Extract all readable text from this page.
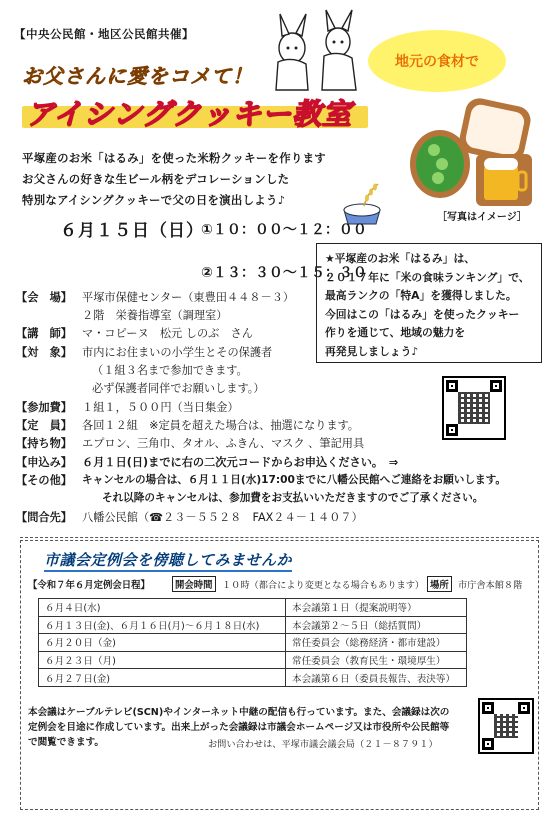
【中央公民館・地区公民館共催】
地元の食材で
お父さんに愛をコメて！
アイシングクッキー教室
平塚産のお米「はるみ」を使った米粉クッキーを作ります
お父さんの好きな生ビール柄をデコレーションした
特別なアイシングクッキーで父の日を演出しよう♪
［写真はイメージ］
６月１５日（日）
①１０：００～１２：００
②１３：３０～１５：３０
★平塚産のお米「はるみ」は、
２０１７年に「米の食味ランキング」で、
最高ランクの「特A」を獲得しました。
今回はこの「はるみ」を使ったクッキー
作りを通じて、地域の魅力を
再発見しましょう♪
【会　場】 平塚市保健センター（東豊田４４８－３）
２階　栄養指導室（調理室）
【講　師】 マ・コピーヌ　松元 しのぶ　さん
【対　象】 市内にお住まいの小学生とその保護者
（１組３名まで参加できます。
必ず保護者同伴でお願いします。）
【参加費】 １組１，５００円（当日集金）
【定　員】 各回１２組　※定員を超えた場合は、抽選になります。
【持ち物】 エプロン、三角巾、タオル、ふきん、マスク 、筆記用具
【申込み】 ６月１日(日)までに右の二次元コードからお申込ください。　⇒
【その他】 キャンセルの場合は、６月１１日(水)17:00までに八幡公民館へご連絡をお願いします。
それ以降のキャンセルは、参加費をお支払いいただきますのでご了承ください。
【問合先】 八幡公民館（☎２３－５５２８　FAX２４－１４０７）
市議会定例会を傍聴してみませんか
【令和７年６月定例会日程】	開会時間	１０時（都合により変更となる場合もあります） 場所	市庁舎本館８階
６月４日(水)	本会議第１日（提案説明等）
６月１３日(金)、６月１６日(月)～６月１８日(水)	本会議第２～５日（総括質問）
６月２０日（金)	常任委員会（総務経済・都市建設）
６月２３日（月)	常任委員会（教育民生・環境厚生）
６月２７日(金)	本会議第６日（委員長報告、表決等）
本会議はケーブルテレビ(SCN)やインターネット中継の配信も行っています。また、会議録は次の
定例会を目途に作成しています。出来上がった会議録は市議会ホームページ又は市役所や公民館等
で閲覧できます。	お問い合わせは、平塚市議会議会局（２１－８７９１）
